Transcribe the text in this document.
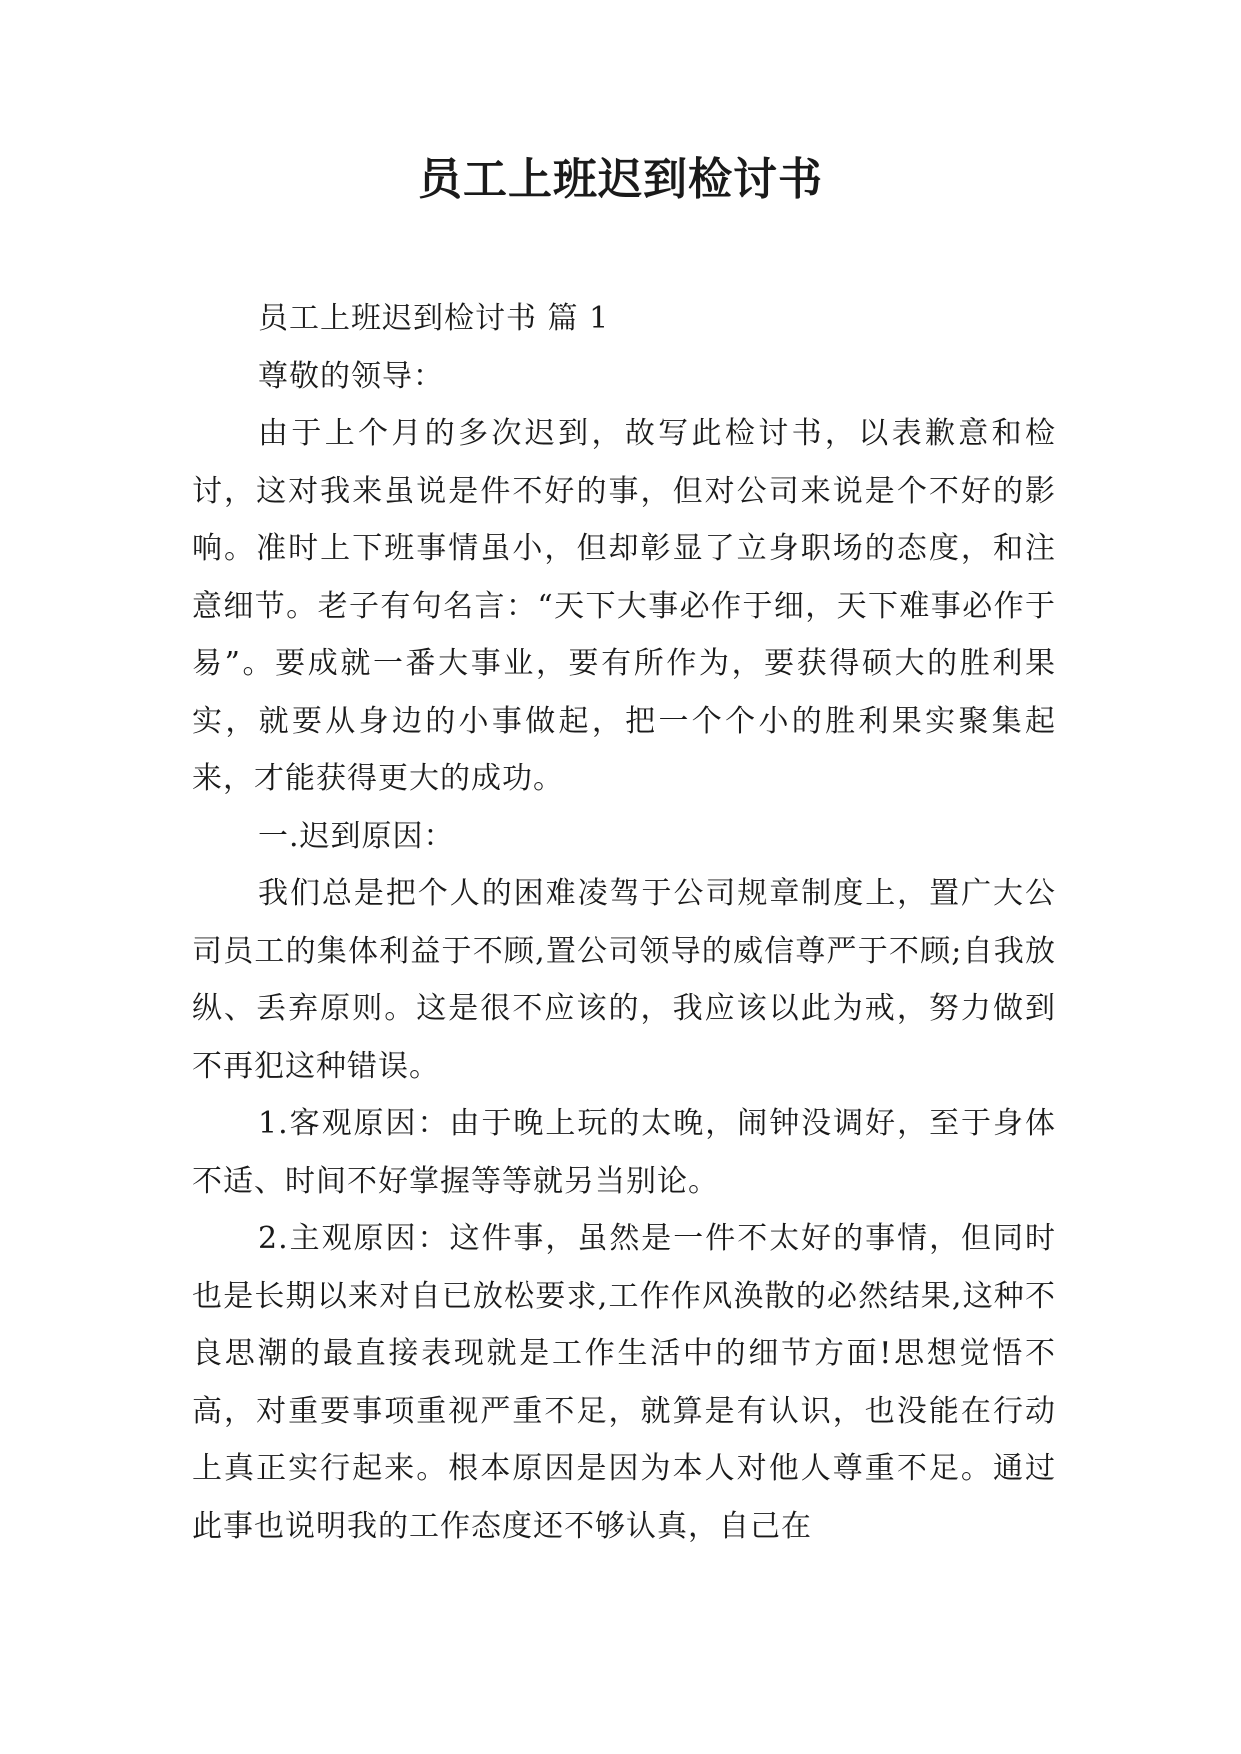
员工上班迟到检讨书

员工上班迟到检讨书 篇 1

尊敬的领导：

由于上个月的多次迟到，故写此检讨书，以表歉意和检讨，这对我来虽说是件不好的事，但对公司来说是个不好的影响。准时上下班事情虽小，但却彰显了立身职场的态度，和注意细节。老子有句名言：“天下大事必作于细，天下难事必作于易”。要成就一番大事业，要有所作为，要获得硕大的胜利果实，就要从身边的小事做起，把一个个小的胜利果实聚集起来，才能获得更大的成功。

一.迟到原因：

我们总是把个人的困难凌驾于公司规章制度上，置广大公司员工的集体利益于不顾,置公司领导的威信尊严于不顾;自我放纵、丢弃原则。这是很不应该的，我应该以此为戒，努力做到不再犯这种错误。

1.客观原因：由于晚上玩的太晚，闹钟没调好，至于身体不适、时间不好掌握等等就另当别论。

2.主观原因：这件事，虽然是一件不太好的事情，但同时也是长期以来对自已放松要求,工作作风涣散的必然结果,这种不良思潮的最直接表现就是工作生活中的细节方面!思想觉悟不高，对重要事项重视严重不足，就算是有认识，也没能在行动上真正实行起来。根本原因是因为本人对他人尊重不足。通过此事也说明我的工作态度还不够认真，自己在
